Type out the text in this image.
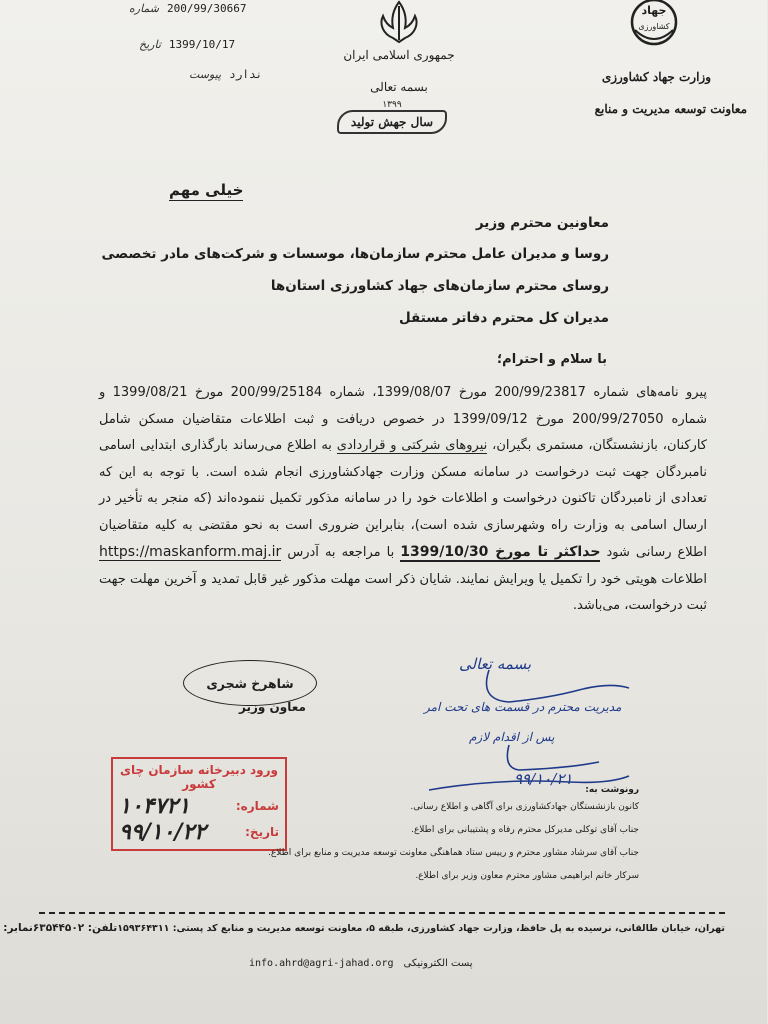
200/99/30667
شماره
1399/10/17
تاریخ
ندارد
پیوست
جمهوری اسلامی ایران
بسمه تعالی
۱۳۹۹
سال جهش تولید
جهاد
کشاورزی
وزارت جهاد کشاورزی
معاونت توسعه مدیریت و منابع
خیلی مهم
معاونین محترم وزیر
روسا و مدیران عامل محترم سازمان‌ها، موسسات و شرکت‌های مادر تخصصی
روسای محترم سازمان‌های جهاد کشاورزی استان‌ها
مدیران کل محترم دفاتر مستقل
با سلام و احترام؛

پیرو نامه‌های شماره 200/99/23817 مورخ 1399/08/07، شماره 200/99/25184 مورخ 1399/08/21 و شماره 200/99/27050 مورخ 1399/09/12 در خصوص دریافت و ثبت اطلاعات متقاضیان مسکن شامل کارکنان، بازنشستگان، مستمری بگیران، نیروهای شرکتی و قراردادی به اطلاع می‌رساند بارگذاری ابتدایی اسامی نامبردگان جهت ثبت درخواست در سامانه مسکن وزارت جهادکشاورزی انجام شده است. با توجه به این که تعدادی از نامبردگان تاکنون درخواست و اطلاعات خود را در سامانه مذکور تکمیل ننموده‌اند (که منجر به تأخیر در ارسال اسامی به وزارت راه وشهرسازی شده است)، بنابراین ضروری است به نحو مقتضی به کلیه متقاضیان اطلاع رسانی شود حداکثر تا مورخ 1399/10/30 با مراجعه به آدرس https://maskanform.maj.ir اطلاعات هویتی خود را تکمیل یا ویرایش نمایند. شایان ذکر است مهلت مذکور غیر قابل تمدید و آخرین مهلت جهت ثبت درخواست، می‌باشد.

شاهرخ شجری
معاون وزیر
بسمه تعالی
مدیریت محترم در قسمت های تحت امر
پس از اقدام لازم
۹۹/۱۰/۲۱
ورود دبیرخانه سازمان چای کشور
شماره:
۱۰۴۷۲۱
تاریخ:
۹۹/۱۰/۲۲
رونوشت به:
کانون بازنشستگان جهادکشاورزی برای آگاهی و اطلاع رسانی.
جناب آقای توکلی مدیرکل محترم رفاه و پشتیبانی برای اطلاع.
جناب آقای سرشاد مشاور محترم و رییس ستاد هماهنگی معاونت توسعه مدیریت و منابع برای اطلاع.
سرکار خانم ابراهیمی مشاور محترم معاون وزیر برای اطلاع.
تهران، خیابان طالقانی، نرسیده به پل حافظ، وزارت جهاد کشاورزی، طبقه ۵، معاونت توسعه مدیریت و منابع کد پستی: ۱۵۹۳۶۴۳۱۱
تلفن: ۶۳۵۴۴۵۰۲
نمابر:
پست الکترونیکی
info.ahrd@agri-jahad.org
